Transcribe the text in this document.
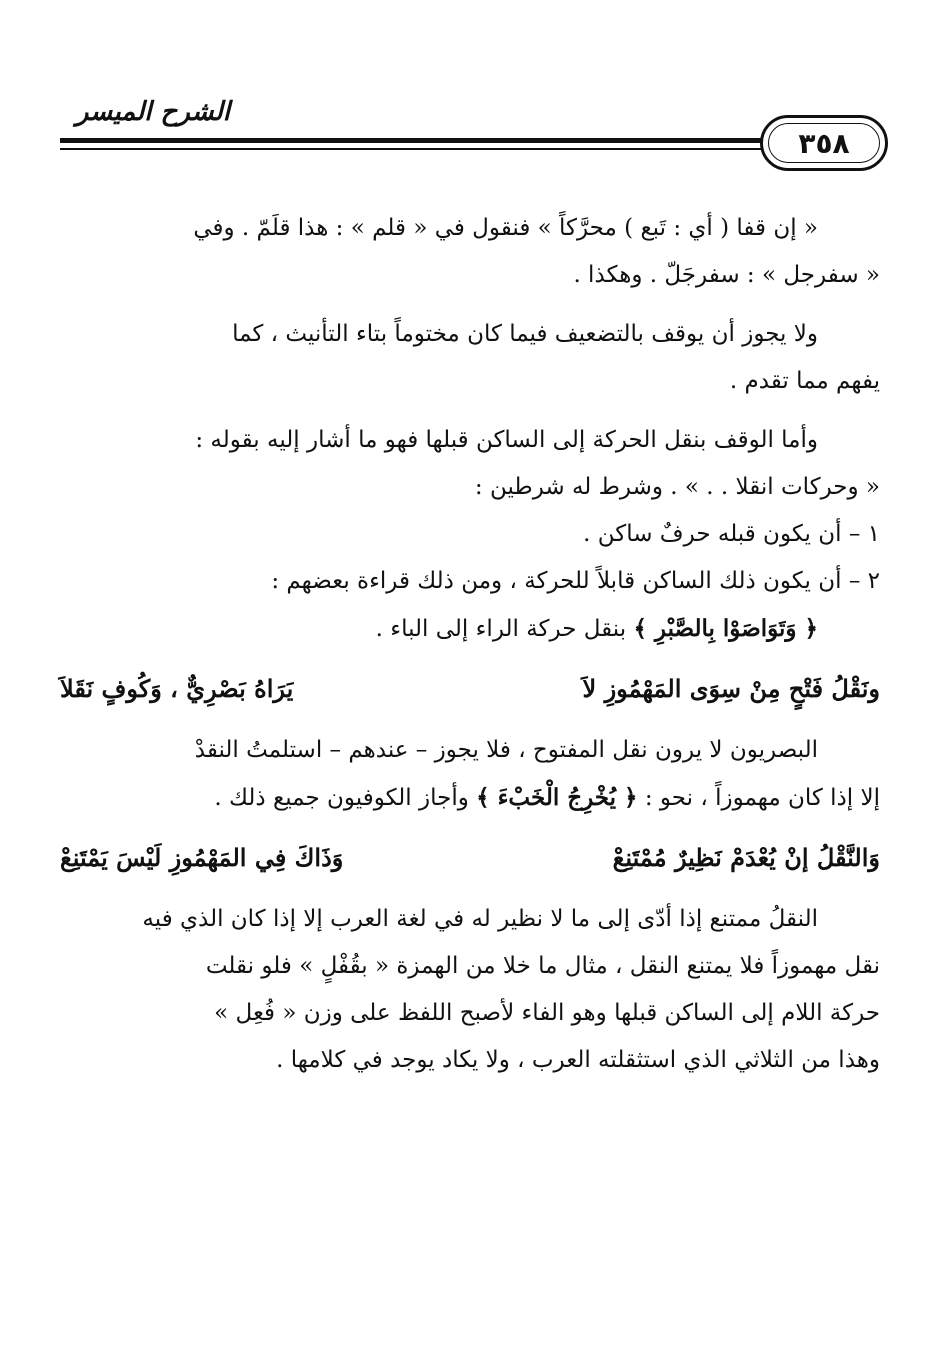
الشرح الميسر
٣٥٨

« إن قفا ( أي : تَبع ) محرَّكاً » فنقول في « قلم » : هذا قلَمّ . وفي
« سفرجل » : سفرجَلّ . وهكذا .

ولا يجوز أن يوقف بالتضعيف فيما كان مختوماً بتاء التأنيث ، كما
يفهم مما تقدم .

وأما الوقف بنقل الحركة إلى الساكن قبلها فهو ما أشار إليه بقوله :
« وحركات انقلا . . » . وشرط له شرطين :

١ – أن يكون قبله حرفٌ ساكن .

٢ – أن يكون ذلك الساكن قابلاً للحركة ، ومن ذلك قراءة بعضهم :

﴿ وَتَوَاصَوْا بِالصَّبْرِ ﴾ بنقل حركة الراء إلى الباء .

ونَقْلُ فَتْحٍ مِنْ سِوَى المَهْمُوزِ لاَ
يَرَاهُ بَصْرِيٌّ ، وَكُوفٍ نَقَلاَ

البصريون لا يرون نقل المفتوح ، فلا يجوز – عندهم – استلمتُ النقدْ
إلا إذا كان مهموزاً ، نحو : ﴿ يُخْرِجُ الْخَبْءَ ﴾ وأجاز الكوفيون جميع ذلك .

وَالنَّقْلُ إنْ يُعْدَمْ نَظِيرٌ مُمْتَنِعْ
وَذَاكَ فِي المَهْمُوزِ لَيْسَ يَمْتَنِعْ

النقلُ ممتنع إذا أدّى إلى ما لا نظير له في لغة العرب إلا إذا كان الذي فيه
نقل مهموزاً فلا يمتنع النقل ، مثال ما خلا من الهمزة « بقُفْلٍ » فلو نقلت
حركة اللام إلى الساكن قبلها وهو الفاء لأصبح اللفظ على وزن « فُعِل »
وهذا من الثلاثي الذي استثقلته العرب ، ولا يكاد يوجد في كلامها .
